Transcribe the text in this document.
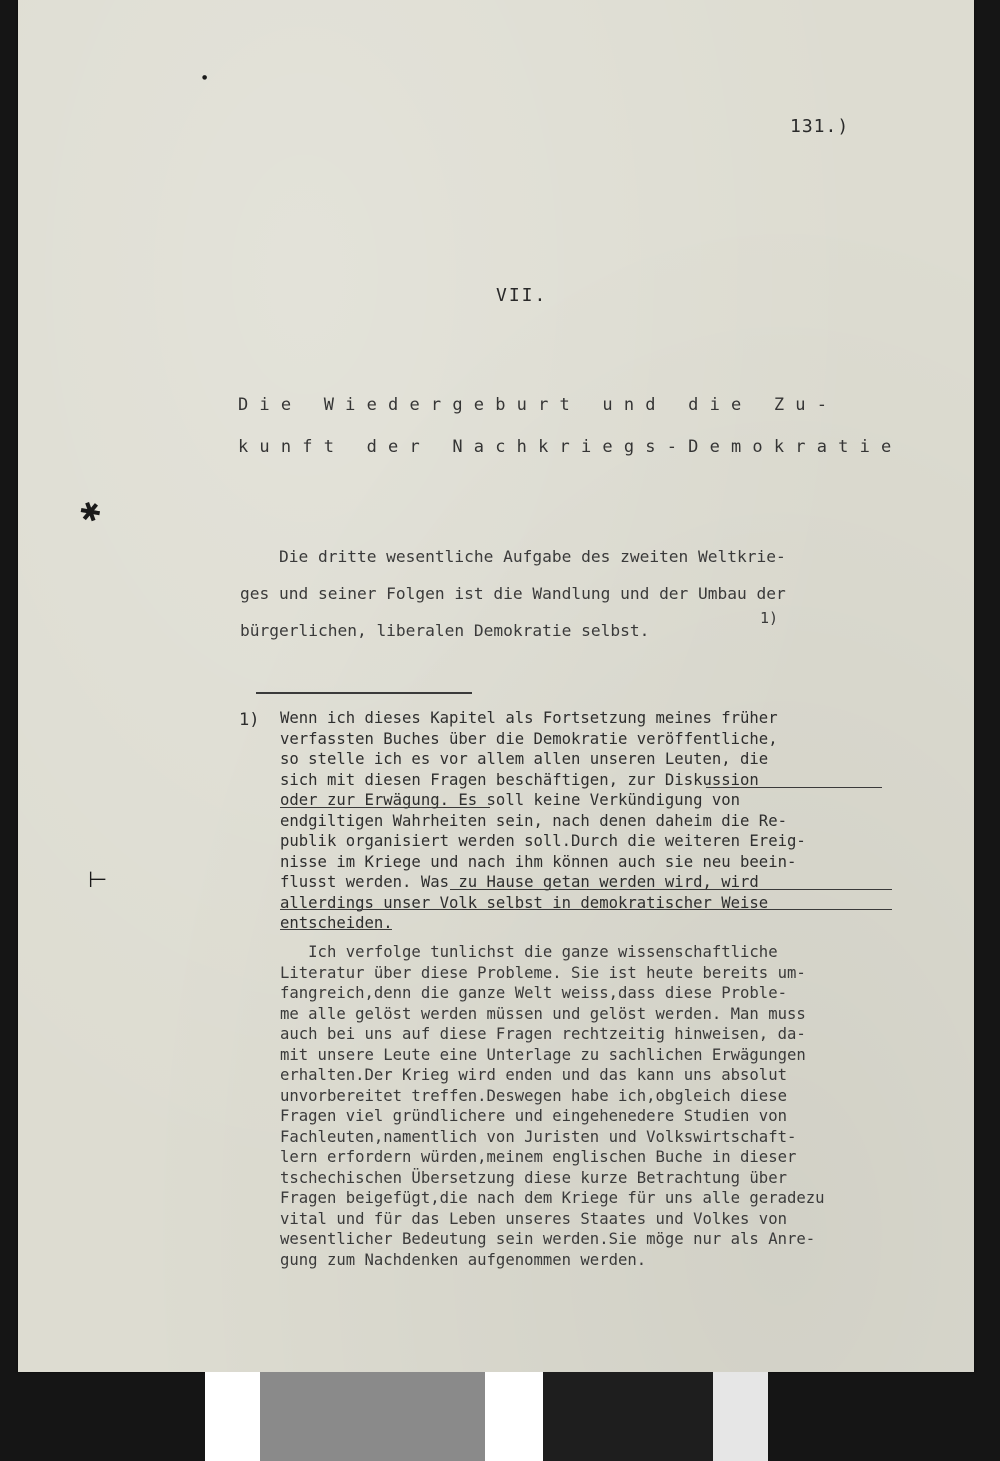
●
✱
⊢
131.)
VII.
Die Wiedergeburt und die Zu-
kunft der Nachkriegs-Demokratie
Die dritte wesentliche Aufgabe des zweiten Weltkrie-
ges und seiner Folgen ist die Wandlung und der Umbau der
bürgerlichen, liberalen Demokratie selbst.
1)
1) Wenn ich dieses Kapitel als Fortsetzung meines früher
verfassten Buches über die Demokratie veröffentliche,
so stelle ich es vor allem allen unseren Leuten, die
sich mit diesen Fragen beschäftigen, zur Diskussion
oder zur Erwägung. Es soll keine Verkündigung von
endgiltigen Wahrheiten sein, nach denen daheim die Re-
publik organisiert werden soll.Durch die weiteren Ereig-
nisse im Kriege und nach ihm können auch sie neu beein-
flusst werden. Was zu Hause getan werden wird, wird
allerdings unser Volk selbst in demokratischer Weise
entscheiden.
Ich verfolge tunlichst die ganze wissenschaftliche
Literatur über diese Probleme. Sie ist heute bereits um-
fangreich,denn die ganze Welt weiss,dass diese Proble-
me alle gelöst werden müssen und gelöst werden. Man muss
auch bei uns auf diese Fragen rechtzeitig hinweisen, da-
mit unsere Leute eine Unterlage zu sachlichen Erwägungen
erhalten.Der Krieg wird enden und das kann uns absolut
unvorbereitet treffen.Deswegen habe ich,obgleich diese
Fragen viel gründlichere und eingehenedere Studien von
Fachleuten,namentlich von Juristen und Volkswirtschaft-
lern erfordern würden,meinem englischen Buche in dieser
tschechischen Übersetzung diese kurze Betrachtung über
Fragen beigefügt,die nach dem Kriege für uns alle geradezu
vital und für das Leben unseres Staates und Volkes von
wesentlicher Bedeutung sein werden.Sie möge nur als Anre-
gung zum Nachdenken aufgenommen werden.
